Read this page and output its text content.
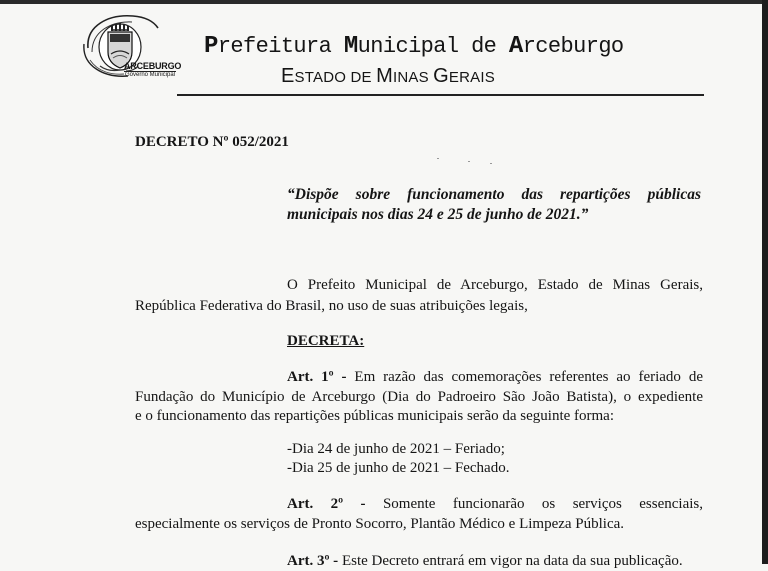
ARCEBURGO
Governo Municipal
Prefeitura Municipal de Arceburgo
ESTADO DE MINAS GERAIS
DECRETO Nº 052/2021
“Dispõe sobre funcionamento das repartições públicas
municipais nos dias 24 e 25 de junho de 2021.”
O Prefeito Municipal de Arceburgo, Estado de Minas Gerais,
República Federativa do Brasil, no uso de suas atribuições legais,
DECRETA:
Art. 1º - Em razão das comemorações referentes ao feriado de
Fundação do Município de Arceburgo (Dia do Padroeiro São João Batista), o expediente
e o funcionamento das repartições públicas municipais serão da seguinte forma:
-Dia 24 de junho de 2021 – Feriado;
-Dia 25 de junho de 2021 – Fechado.
Art. 2º - Somente funcionarão os serviços essenciais,
especialmente os serviços de Pronto Socorro, Plantão Médico e Limpeza Pública.
Art. 3º - Este Decreto entrará em vigor na data da sua publicação.
